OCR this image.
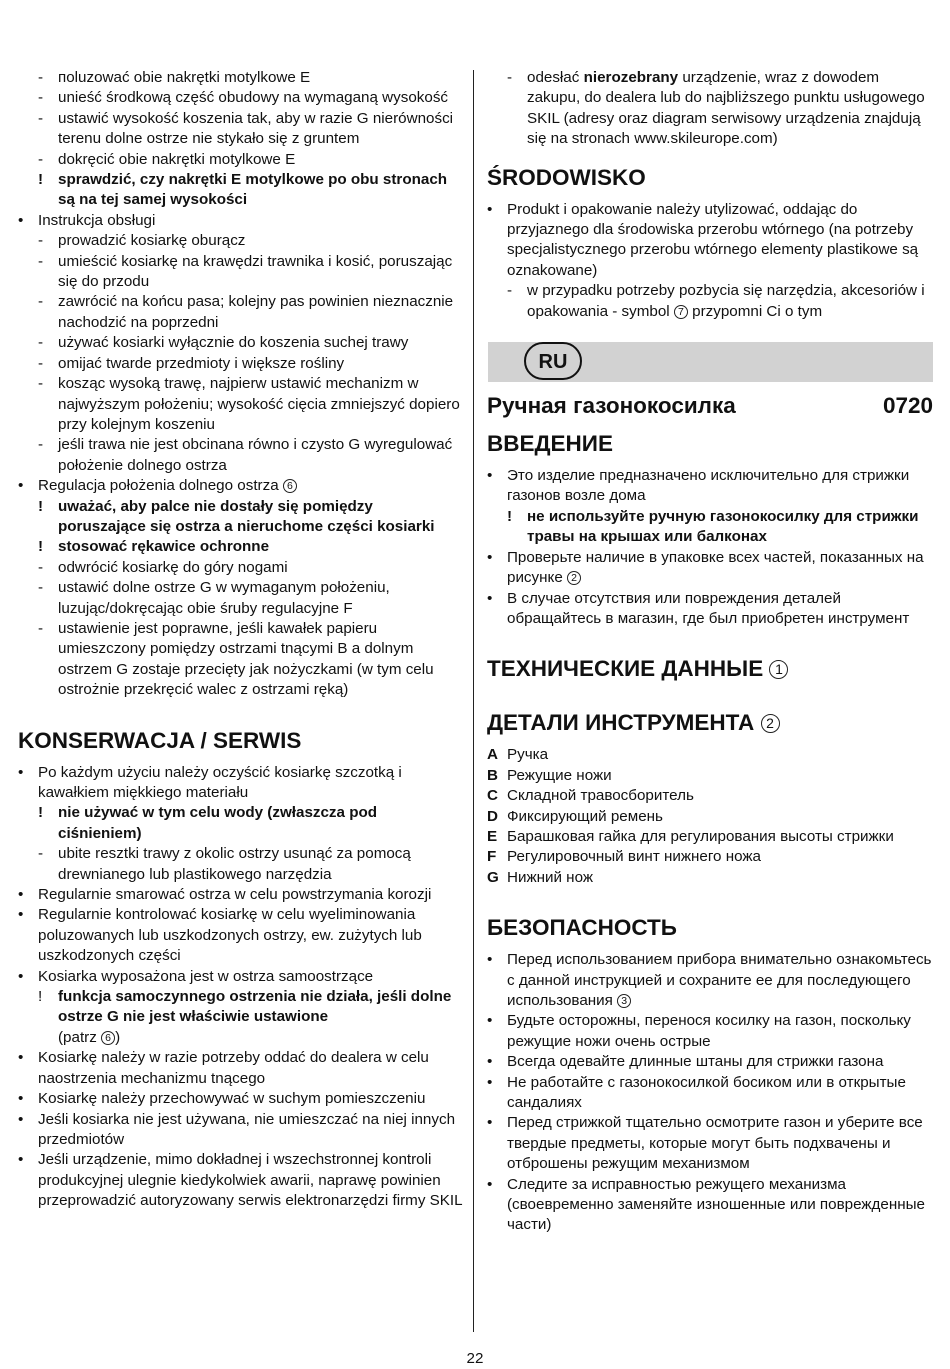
- поluzować obie nakrętki motylkowe E
- unieść środkową część obudowy na wymaganą wysokość
- ustawić wysokość koszenia tak, aby w razie G nierówności terenu dolne ostrze nie stykało się z gruntem
- dokręcić obie nakrętki motylkowe E
! sprawdzić, czy nakrętki E motylkowe po obu stronach są na tej samej wysokości
• Instrukcja obsługi
- prowadzić kosiarkę oburącz
- umieścić kosiarkę na krawędzi trawnika i kosić, poruszając się do przodu
- zawrócić na końcu pasa; kolejny pas powinien nieznacznie nachodzić na poprzedni
- używać kosiarki wyłącznie do koszenia suchej trawy
- omijać twarde przedmioty i większe rośliny
- kosząc wysoką trawę, najpierw ustawić mechanizm w najwyższym położeniu; wysokość cięcia zmniejszyć dopiero przy kolejnym koszeniu
- jeśli trawa nie jest obcinana równo i czysto G wyregulować położenie dolnego ostrza
• Regulacja położenia dolnego ostrza 6
! uważać, aby palce nie dostały się pomiędzy poruszające się ostrza a nieruchome części kosiarki
! stosować rękawice ochronne
- odwrócić kosiarkę do góry nogami
- ustawić dolne ostrze G w wymaganym położeniu, luzując/dokręcając obie śruby regulacyjne F
- ustawienie jest poprawne, jeśli kawałek papieru umieszczony pomiędzy ostrzami tnącymi B a dolnym ostrzem G zostaje przecięty jak nożyczkami (w tym celu ostrożnie przekręcić walec z ostrzami ręką)
KONSERWACJA / SERWIS
• Po każdym użyciu należy oczyścić kosiarkę szczotką i kawałkiem miękkiego materiału
! nie używać w tym celu wody (zwłaszcza pod ciśnieniem)
- ubite resztki trawy z okolic ostrzy usunąć za pomocą drewnianego lub plastikowego narzędzia
• Regularnie smarować ostrza w celu powstrzymania korozji
• Regularnie kontrolować kosiarkę w celu wyeliminowania poluzowanych lub uszkodzonych ostrzy, ew. zużytych lub uszkodzonych części
• Kosiarka wyposażona jest w ostrza samoostrzące
! funkcja samoczynnego ostrzenia nie działa, jeśli dolne ostrze G nie jest właściwie ustawione
(patrz 6 )
• Kosiarkę należy w razie potrzeby oddać do dealera w celu naostrzenia mechanizmu tnącego
• Kosiarkę należy przechowywać w suchym pomieszczeniu
• Jeśli kosiarka nie jest używana, nie umieszczać na niej innych przedmiotów
• Jeśli urządzenie, mimo dokładnej i wszechstronnej kontroli produkcyjnej ulegnie kiedykolwiek awarii, naprawę powinien przeprowadzić autoryzowany serwis elektronarzędzi firmy SKIL
- odesłać nierozebrany urządzenie, wraz z dowodem zakupu, do dealera lub do najbliższego punktu usługowego SKIL (adresy oraz diagram serwisowy urządzenia znajdują się na stronach www.skileurope.com)
ŚRODOWISKO
• Produkt i opakowanie należy utylizować, oddając do przyjaznego dla środowiska przerobu wtórnego (na potrzeby specjalistycznego przerobu wtórnego elementy plastikowe są oznakowane)
- w przypadku potrzeby pozbycia się narzędzia, akcesoriów i opakowania - symbol 7 przypomni Ci o tym
RU
Ручная газонокосилка	0720
ВВЕДЕНИЕ
• Это изделие предназначено исключительно для стрижки газонов возле дома
! не используйте ручную газонокосилку для стрижки травы на крышах или балконах
• Проверьте наличие в упаковке всех частей, показанных на рисунке 2
• В случае отсутствия или повреждения деталей обращайтесь в магазин, где был приобретен инструмент
ТЕХНИЧЕСКИЕ ДАННЫЕ 1
ДЕТАЛИ ИНСТРУМЕНТА 2
A Ручка
B Режущие ножи
C Складной травосборитель
D Фиксирующий ремень
E Барашковая гайка для регулирования высоты стрижки
F Регулировочный винт нижнего ножа
G Нижний нож
БЕЗОПАСНОСТЬ
• Перед использованием прибора внимательно ознакомьтесь с данной инструкцией и сохраните ее для последующего использования 3
• Будьте осторожны, перенося косилку на газон, поскольку режущие ножи очень острые
• Всегда одевайте длинные штаны для стрижки газона
• Не работайте с газонокосилкой босиком или в открытые сандалиях
• Перед стрижкой тщательно осмотрите газон и уберите все твердые предметы, которые могут быть подхвачены и отброшены режущим механизмом
• Следите за исправностью режущего механизма (своевременно заменяйте изношенные или поврежденные части)
22
